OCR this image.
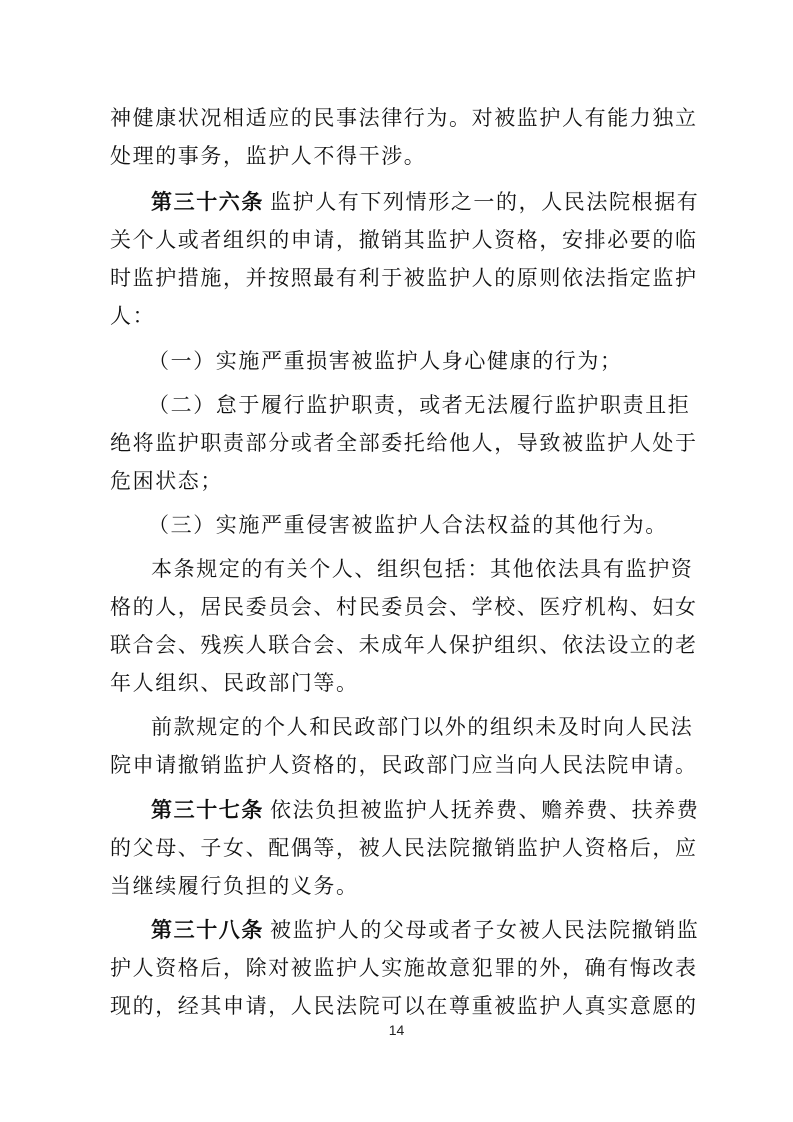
神健康状况相适应的民事法律行为。对被监护人有能力独立
处理的事务，监护人不得干涉。
第三十六条 监护人有下列情形之一的，人民法院根据有
关个人或者组织的申请，撤销其监护人资格，安排必要的临
时监护措施，并按照最有利于被监护人的原则依法指定监护
人：
（一）实施严重损害被监护人身心健康的行为；
（二）怠于履行监护职责，或者无法履行监护职责且拒
绝将监护职责部分或者全部委托给他人，导致被监护人处于
危困状态；
（三）实施严重侵害被监护人合法权益的其他行为。
本条规定的有关个人、组织包括：其他依法具有监护资
格的人，居民委员会、村民委员会、学校、医疗机构、妇女
联合会、残疾人联合会、未成年人保护组织、依法设立的老
年人组织、民政部门等。
前款规定的个人和民政部门以外的组织未及时向人民法
院申请撤销监护人资格的，民政部门应当向人民法院申请。
第三十七条 依法负担被监护人抚养费、赡养费、扶养费
的父母、子女、配偶等，被人民法院撤销监护人资格后，应
当继续履行负担的义务。
第三十八条 被监护人的父母或者子女被人民法院撤销监
护人资格后，除对被监护人实施故意犯罪的外，确有悔改表
现的，经其申请，人民法院可以在尊重被监护人真实意愿的
14
